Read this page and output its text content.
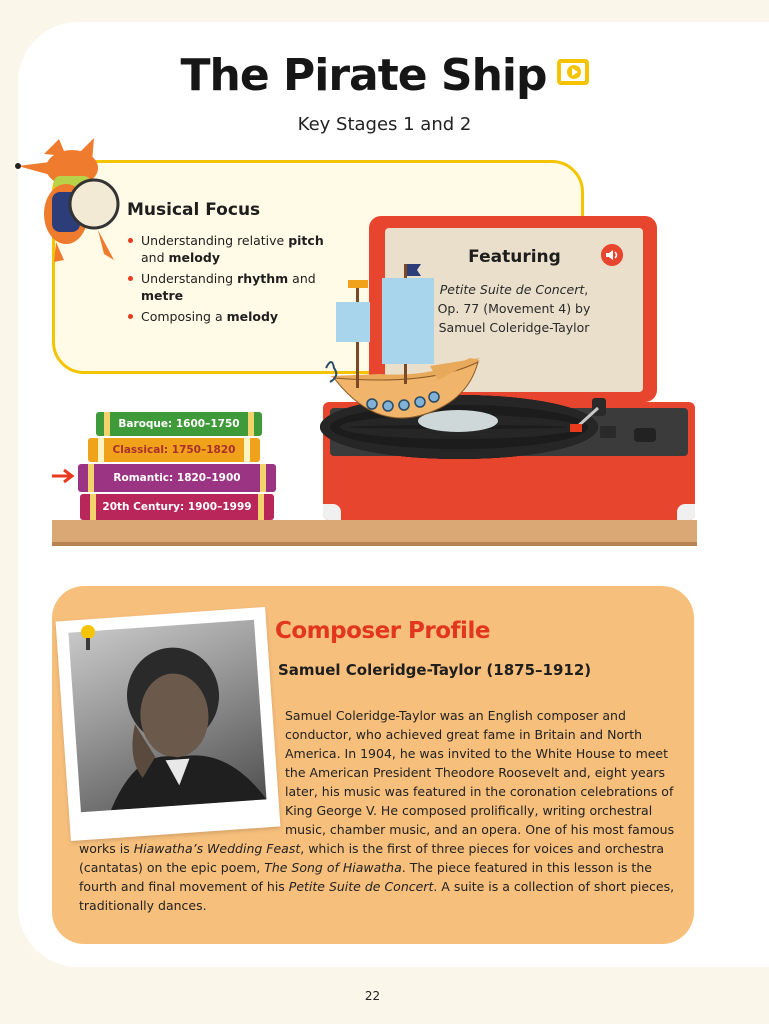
The Pirate Ship
Key Stages 1 and 2
Musical Focus
Understanding relative pitch and melody
Understanding rhythm and metre
Composing a melody
Featuring
Petite Suite de Concert, Op. 77 (Movement 4) by Samuel Coleridge-Taylor
Baroque: 1600–1750
Classical: 1750–1820
Romantic: 1820–1900
20th Century: 1900–1999
Composer Profile
Samuel Coleridge-Taylor (1875–1912)
Samuel Coleridge-Taylor was an English composer and conductor, who achieved great fame in Britain and North America. In 1904, he was invited to the White House to meet the American President Theodore Roosevelt and, eight years later, his music was featured in the coronation celebrations of King George V. He composed prolifically, writing orchestral music, chamber music, and an opera. One of his most famous works is Hiawatha’s Wedding Feast, which is the first of three pieces for voices and orchestra (cantatas) on the epic poem, The Song of Hiawatha. The piece featured in this lesson is the fourth and final movement of his Petite Suite de Concert. A suite is a collection of short pieces, traditionally dances.
22
